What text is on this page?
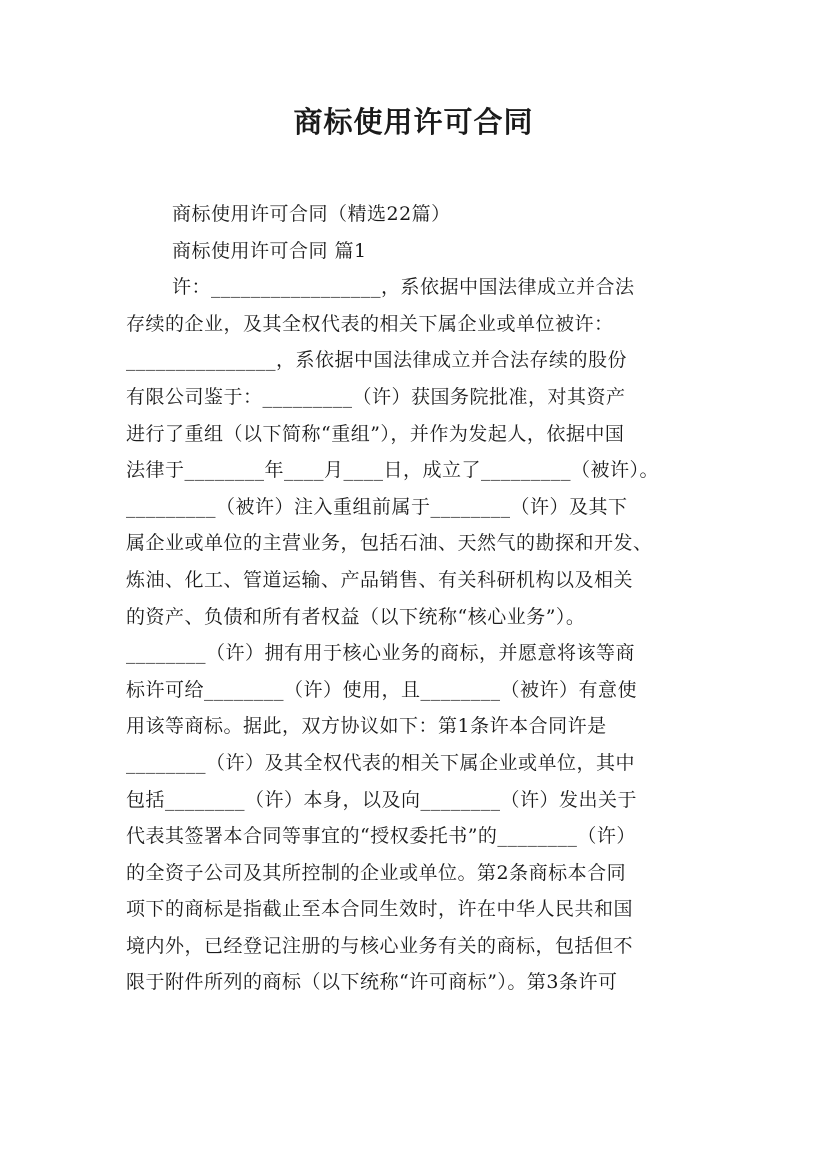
商标使用许可合同
商标使用许可合同（精选22篇）
商标使用许可合同 篇1
许：_________________，系依据中国法律成立并合法
存续的企业，及其全权代表的相关下属企业或单位被许：
_______________，系依据中国法律成立并合法存续的股份
有限公司鉴于：_________（许）获国务院批准，对其资产
进行了重组（以下简称“重组”），并作为发起人，依据中国
法律于________年____月____日，成立了_________（被许）。
_________（被许）注入重组前属于________（许）及其下
属企业或单位的主营业务，包括石油、天然气的勘探和开发、
炼油、化工、管道运输、产品销售、有关科研机构以及相关
的资产、负债和所有者权益（以下统称“核心业务”）。
________（许）拥有用于核心业务的商标，并愿意将该等商
标许可给________（许）使用，且________（被许）有意使
用该等商标。据此，双方协议如下：第1条许本合同许是
________（许）及其全权代表的相关下属企业或单位，其中
包括________（许）本身，以及向________（许）发出关于
代表其签署本合同等事宜的“授权委托书”的________（许）
的全资子公司及其所控制的企业或单位。第2条商标本合同
项下的商标是指截止至本合同生效时，许在中华人民共和国
境内外，已经登记注册的与核心业务有关的商标，包括但不
限于附件所列的商标（以下统称“许可商标”）。第3条许可
